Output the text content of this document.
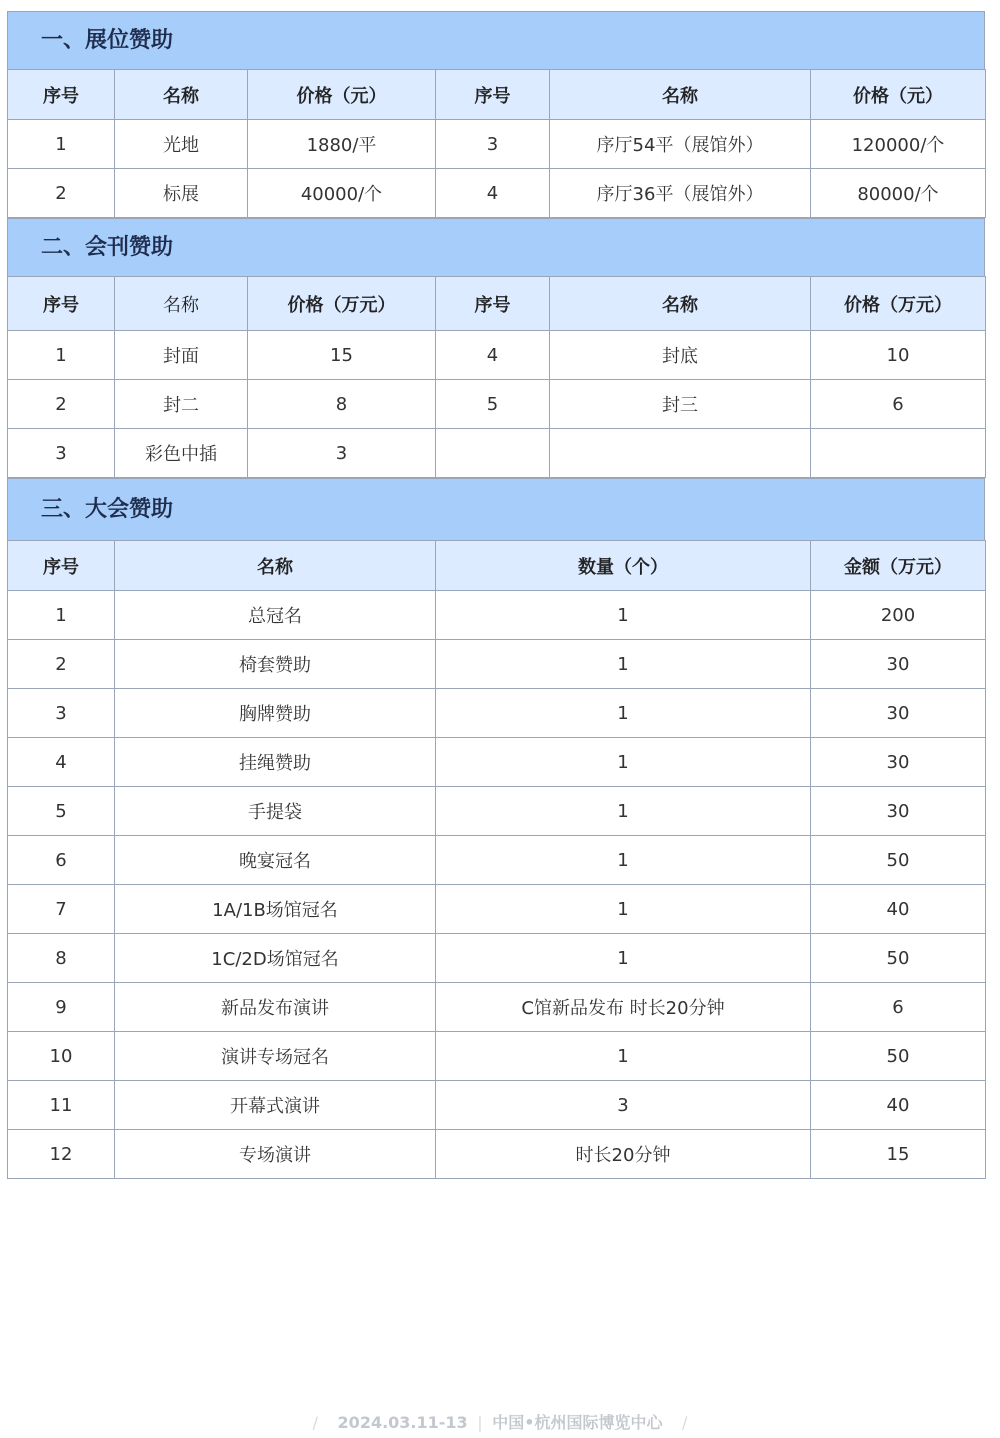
一、展位赞助
序号	名称	价格（元）	序号	名称	价格（元）
1	光地	1880/平	3	序厅54平（展馆外）	120000/个
2	标展	40000/个	4	序厅36平（展馆外）	80000/个
二、会刊赞助
序号	名称	价格（万元）	序号	名称	价格（万元）
1	封面	15	4	封底	10
2	封二	8	5	封三	6
3	彩色中插	3			
三、大会赞助
序号	名称	数量（个）	金额（万元）
1	总冠名	1	200
2	椅套赞助	1	30
3	胸牌赞助	1	30
4	挂绳赞助	1	30
5	手提袋	1	30
6	晚宴冠名	1	50
7	1A/1B场馆冠名	1	40
8	1C/2D场馆冠名	1	50
9	新品发布演讲	C馆新品发布 时长20分钟	6
10	演讲专场冠名	1	50
11	开幕式演讲	3	40
12	专场演讲	时长20分钟	15
/ 2024.03.11-13 | 中国•杭州国际博览中心 /
